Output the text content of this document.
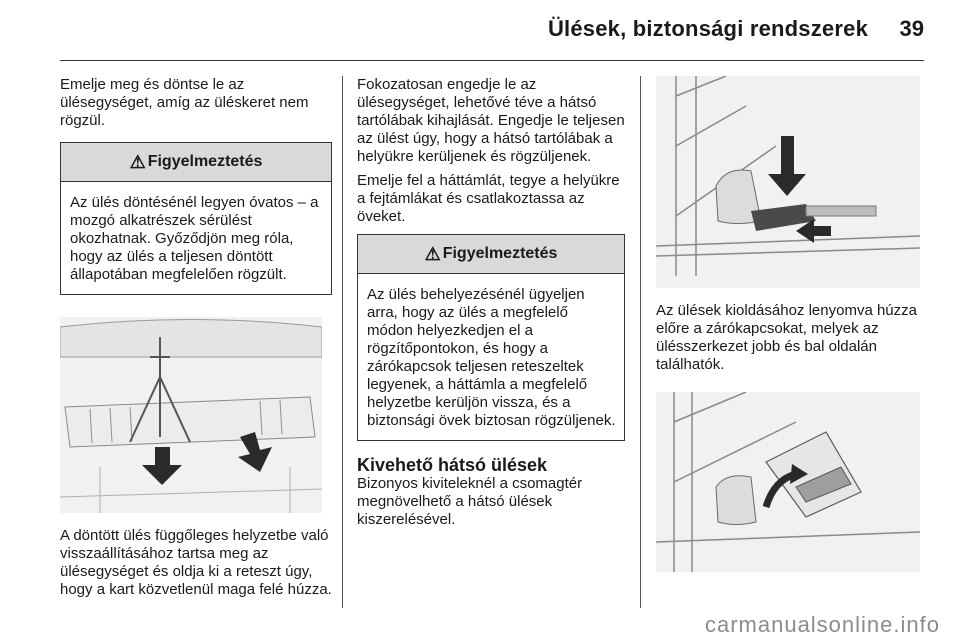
Ülések, biztonsági rendszerek 39

Emelje meg és döntse le az ülésegységet, amíg az üléskeret nem rögzül.

⚠ Figyelmeztetés
Az ülés döntésénél legyen óvatos – a mozgó alkatrészek sérülést okozhatnak. Győződjön meg róla, hogy az ülés a teljesen döntött állapotában megfelelően rögzült.

A döntött ülés függőleges helyzetbe való visszaállításához tartsa meg az ülésegységet és oldja ki a reteszt úgy, hogy a kart közvetlenül maga felé húzza.

Fokozatosan engedje le az ülésegységet, lehetővé téve a hátsó tartólábak kihajlását. Engedje le teljesen az ülést úgy, hogy a hátsó tartólábak a helyükre kerüljenek és rögzüljenek.

Emelje fel a háttámlát, tegye a helyükre a fejtámlákat és csatlakoztassa az öveket.

⚠ Figyelmeztetés
Az ülés behelyezésénél ügyeljen arra, hogy az ülés a megfelelő módon helyezkedjen el a rögzítőpontokon, és hogy a zárókapcsok teljesen reteszeltek legyenek, a háttámla a megfelelő helyzetbe kerüljön vissza, és a biztonsági övek biztosan rögzüljenek.

Kivehető hátsó ülések

Bizonyos kiviteleknél a csomagtér megnövelhető a hátsó ülések kiszerelésével.

Az ülések kioldásához lenyomva húzza előre a zárókapcsokat, melyek az ülésszerkezet jobb és bal oldalán találhatók.

carmanualsonline.info
